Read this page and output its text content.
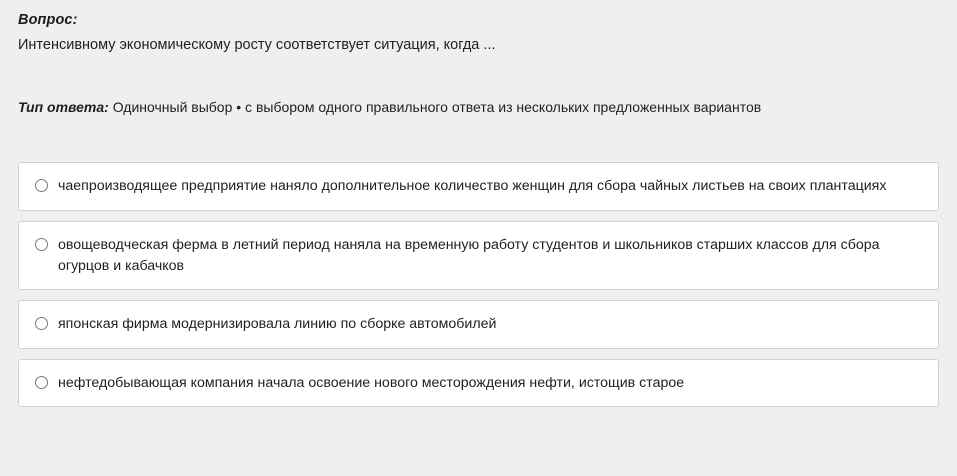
Вопрос:
Интенсивному экономическому росту соответствует ситуация, когда ...
Тип ответа: Одиночный выбор • с выбором одного правильного ответа из нескольких предложенных вариантов
чаепроизводящее предприятие наняло дополнительное количество женщин для сбора чайных листьев на своих плантациях
овощеводческая ферма в летний период наняла на временную работу студентов и школьников старших классов для сбора огурцов и кабачков
японская фирма модернизировала линию по сборке автомобилей
нефтедобывающая компания начала освоение нового месторождения нефти, истощив старое
